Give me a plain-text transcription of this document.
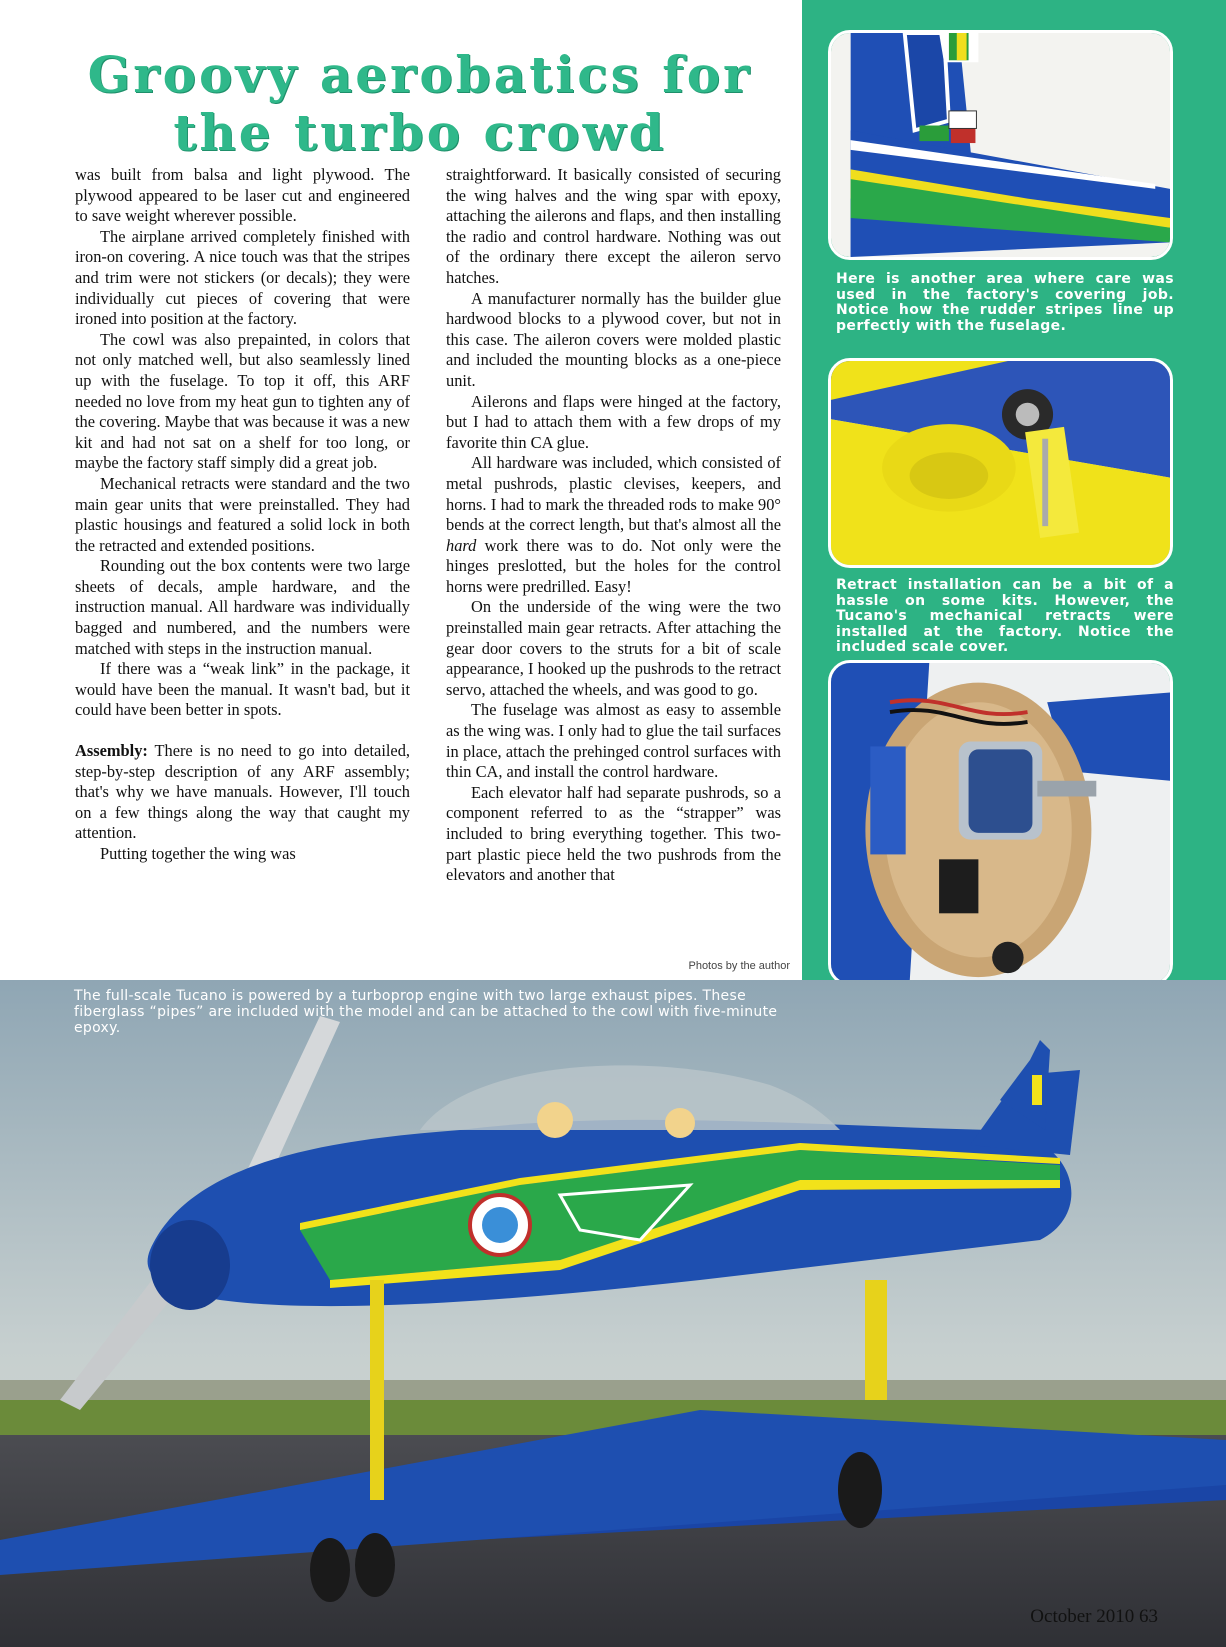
Groovy aerobatics for
the turbo crowd

was built from balsa and light plywood. The plywood appeared to be laser cut and engineered to save weight wherever possible.

The airplane arrived completely finished with iron-on covering. A nice touch was that the stripes and trim were not stickers (or decals); they were individually cut pieces of covering that were ironed into position at the factory.

The cowl was also prepainted, in colors that not only matched well, but also seamlessly lined up with the fuselage. To top it off, this ARF needed no love from my heat gun to tighten any of the covering. Maybe that was because it was a new kit and had not sat on a shelf for too long, or maybe the factory staff simply did a great job.

Mechanical retracts were standard and the two main gear units that were preinstalled. They had plastic housings and featured a solid lock in both the retracted and extended positions.

Rounding out the box contents were two large sheets of decals, ample hardware, and the instruction manual. All hardware was individually bagged and numbered, and the numbers were matched with steps in the instruction manual.

If there was a “weak link” in the package, it would have been the manual. It wasn't bad, but it could have been better in spots.

Assembly: There is no need to go into detailed, step-by-step description of any ARF assembly; that's why we have manuals. However, I'll touch on a few things along the way that caught my attention.

Putting together the wing was

straightforward. It basically consisted of securing the wing halves and the wing spar with epoxy, attaching the ailerons and flaps, and then installing the radio and control hardware. Nothing was out of the ordinary there except the aileron servo hatches.

A manufacturer normally has the builder glue hardwood blocks to a plywood cover, but not in this case. The aileron covers were molded plastic and included the mounting blocks as a one-piece unit.

Ailerons and flaps were hinged at the factory, but I had to attach them with a few drops of my favorite thin CA glue.

All hardware was included, which consisted of metal pushrods, plastic clevises, keepers, and horns. I had to mark the threaded rods to make 90° bends at the correct length, but that's almost all the hard work there was to do. Not only were the hinges preslotted, but the holes for the control horns were predrilled. Easy!

On the underside of the wing were the two preinstalled main gear retracts. After attaching the gear door covers to the struts for a bit of scale appearance, I hooked up the pushrods to the retract servo, attached the wheels, and was good to go.

The fuselage was almost as easy to assemble as the wing was. I only had to glue the tail surfaces in place, attach the prehinged control surfaces with thin CA, and install the control hardware.

Each elevator half had separate pushrods, so a component referred to as the “strapper” was included to bring everything together. This two-part plastic piece held the two pushrods from the elevators and another that

Photos by the author
Here is another area where care was used in the factory's covering job. Notice how the rudder stripes line up perfectly with the fuselage.
Retract installation can be a bit of a hassle on some kits. However, the Tucano's mechanical retracts were installed at the factory. Notice the included scale cover.
The full-scale Tucano is powered by a turboprop engine with two large exhaust pipes. These fiberglass “pipes” are included with the model and can be attached to the cowl with five-minute epoxy.
October 2010 63
